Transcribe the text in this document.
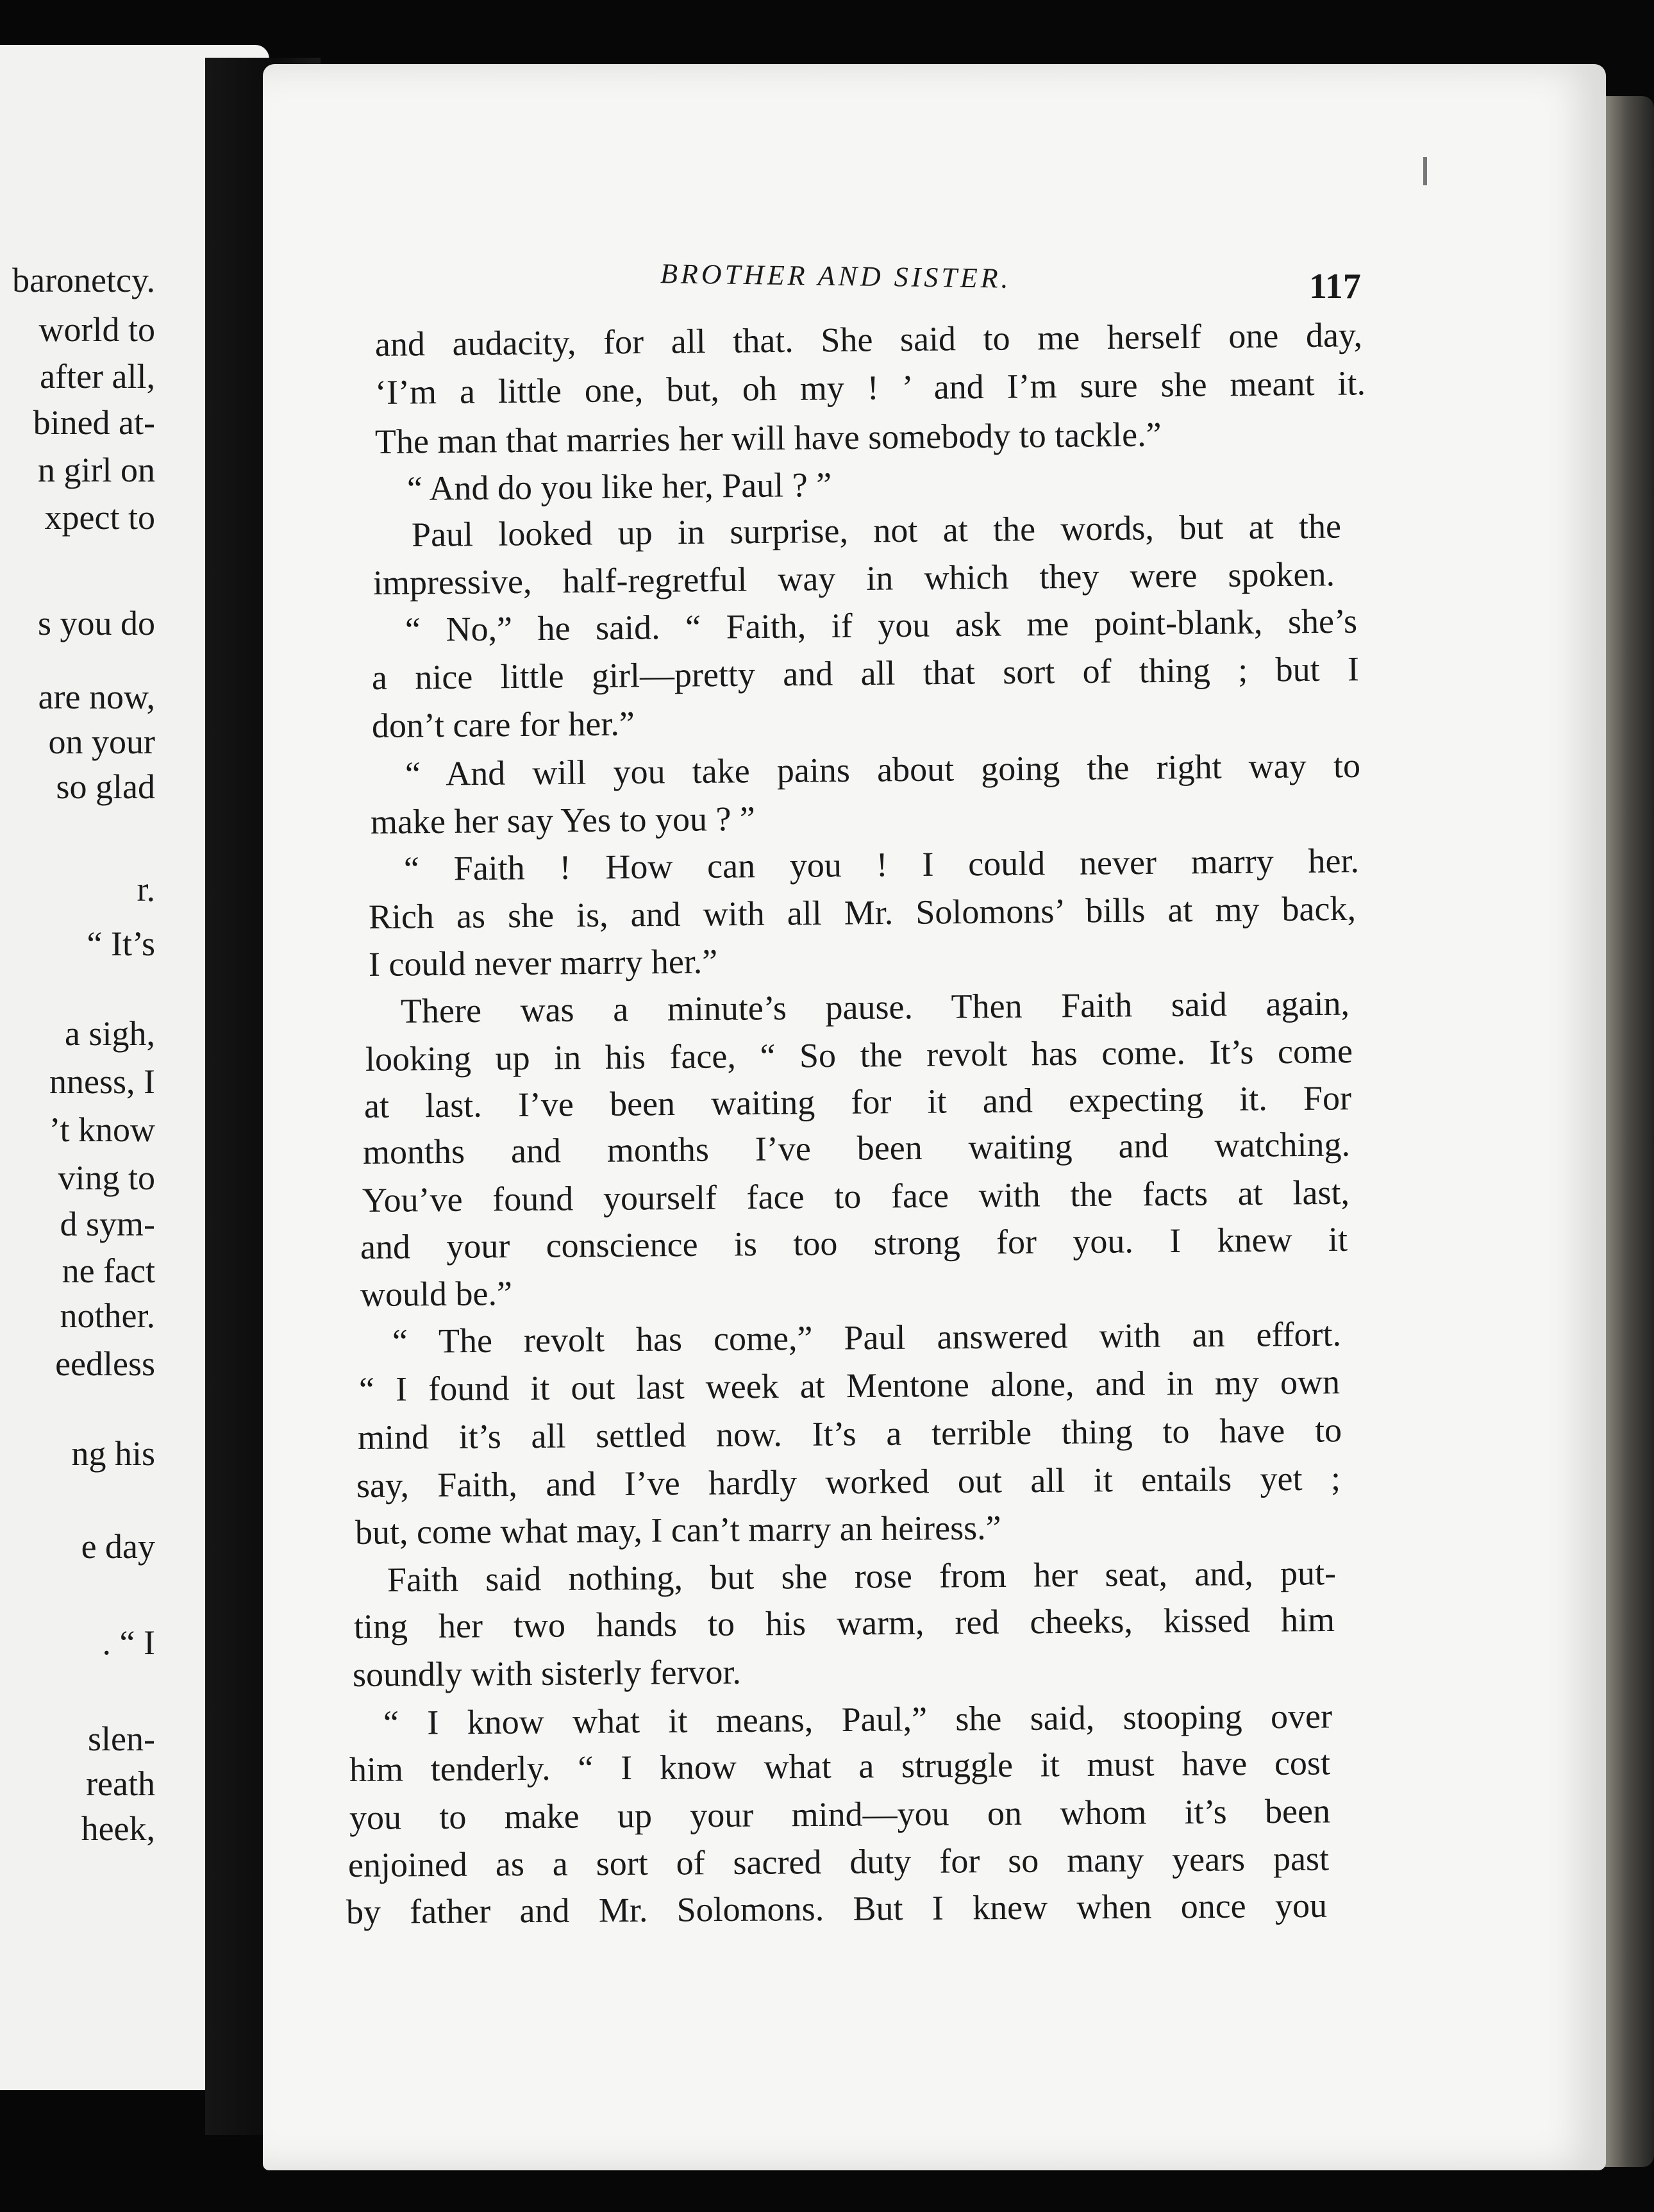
baronetcy.
world to
after all,
bined at-
n girl on
xpect to
s you do
are now,
on your
so glad
r.
“ It’s
a sigh,
nness, I
’t know
ving to
d sym-
ne fact
nother.
eedless
ng his
e day
. “ I
slen-
reath
heek,
BROTHER AND SISTER.	117
and audacity, for all that. She said to me herself one day,
‘I’m a little one, but, oh my ! ’ and I’m sure she meant it.
The man that marries her will have somebody to tackle.”
“ And do you like her, Paul ? ”
Paul looked up in surprise, not at the words, but at the
impressive, half-regretful way in which they were spoken.
“ No,” he said. “ Faith, if you ask me point-blank, she’s
a nice little girl—pretty and all that sort of thing ; but I
don’t care for her.”
“ And will you take pains about going the right way to
make her say Yes to you ? ”
“ Faith ! How can you ! I could never marry her.
Rich as she is, and with all Mr. Solomons’ bills at my back,
I could never marry her.”
There was a minute’s pause. Then Faith said again,
looking up in his face, “ So the revolt has come. It’s come
at last. I’ve been waiting for it and expecting it. For
months and months I’ve been waiting and watching.
You’ve found yourself face to face with the facts at last,
and your conscience is too strong for you. I knew it
would be.”
“ The revolt has come,” Paul answered with an effort.
“ I found it out last week at Mentone alone, and in my own
mind it’s all settled now. It’s a terrible thing to have to
say, Faith, and I’ve hardly worked out all it entails yet ;
but, come what may, I can’t marry an heiress.”
Faith said nothing, but she rose from her seat, and, put-
ting her two hands to his warm, red cheeks, kissed him
soundly with sisterly fervor.
“ I know what it means, Paul,” she said, stooping over
him tenderly. “ I know what a struggle it must have cost
you to make up your mind—you on whom it’s been
enjoined as a sort of sacred duty for so many years past
by father and Mr. Solomons. But I knew when once you
